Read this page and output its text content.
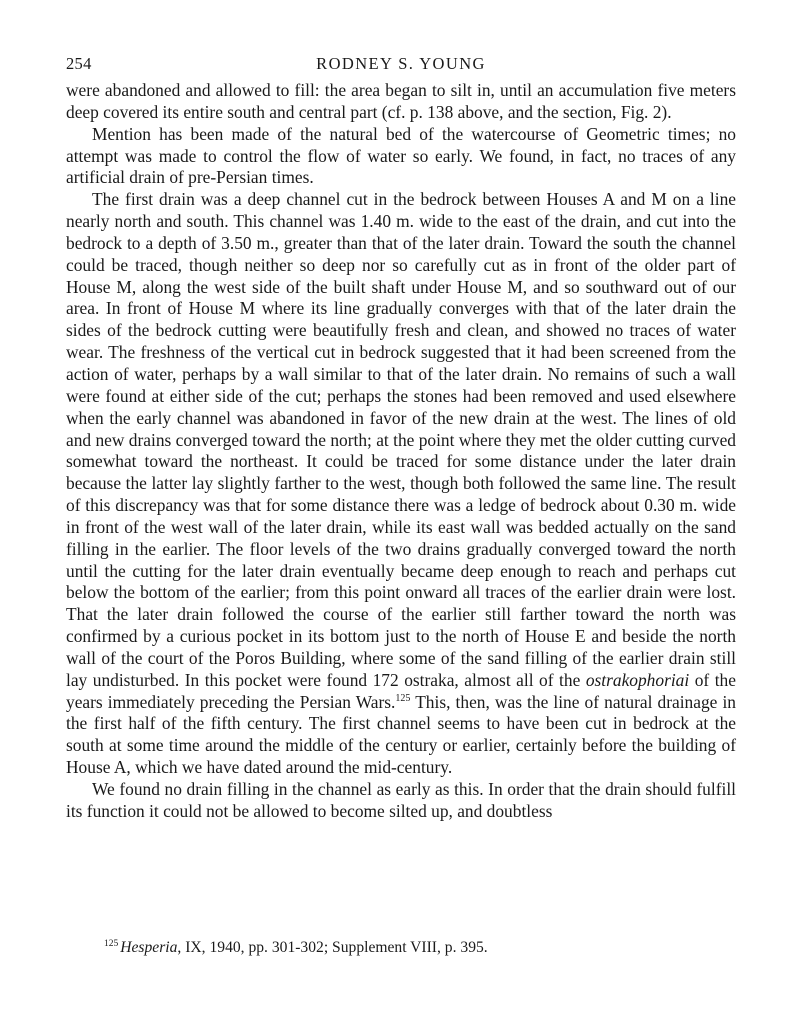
254	RODNEY S. YOUNG

were abandoned and allowed to fill: the area began to silt in, until an accumulation five meters deep covered its entire south and central part (cf. p. 138 above, and the section, Fig. 2).

Mention has been made of the natural bed of the watercourse of Geometric times; no attempt was made to control the flow of water so early. We found, in fact, no traces of any artificial drain of pre-Persian times.

The first drain was a deep channel cut in the bedrock between Houses A and M on a line nearly north and south. This channel was 1.40 m. wide to the east of the drain, and cut into the bedrock to a depth of 3.50 m., greater than that of the later drain. Toward the south the channel could be traced, though neither so deep nor so carefully cut as in front of the older part of House M, along the west side of the built shaft under House M, and so southward out of our area. In front of House M where its line gradually converges with that of the later drain the sides of the bedrock cutting were beautifully fresh and clean, and showed no traces of water wear. The freshness of the vertical cut in bedrock suggested that it had been screened from the action of water, perhaps by a wall similar to that of the later drain. No remains of such a wall were found at either side of the cut; perhaps the stones had been removed and used elsewhere when the early channel was abandoned in favor of the new drain at the west. The lines of old and new drains converged toward the north; at the point where they met the older cutting curved somewhat toward the northeast. It could be traced for some distance under the later drain because the latter lay slightly farther to the west, though both followed the same line. The result of this discrepancy was that for some distance there was a ledge of bedrock about 0.30 m. wide in front of the west wall of the later drain, while its east wall was bedded actually on the sand filling in the earlier. The floor levels of the two drains gradually converged toward the north until the cutting for the later drain eventually became deep enough to reach and perhaps cut below the bottom of the earlier; from this point onward all traces of the earlier drain were lost. That the later drain followed the course of the earlier still farther toward the north was confirmed by a curious pocket in its bottom just to the north of House E and beside the north wall of the court of the Poros Building, where some of the sand filling of the earlier drain still lay undisturbed. In this pocket were found 172 ostraka, almost all of the ostrakophoriai of the years immediately preceding the Persian Wars.$^{125}$ This, then, was the line of natural drainage in the first half of the fifth century. The first channel seems to have been cut in bedrock at the south at some time around the middle of the century or earlier, certainly before the building of House A, which we have dated around the mid-century.

We found no drain filling in the channel as early as this. In order that the drain should fulfill its function it could not be allowed to become silted up, and doubtless

$^{125}$ Hesperia, IX, 1940, pp. 301-302; Supplement VIII, p. 395.
